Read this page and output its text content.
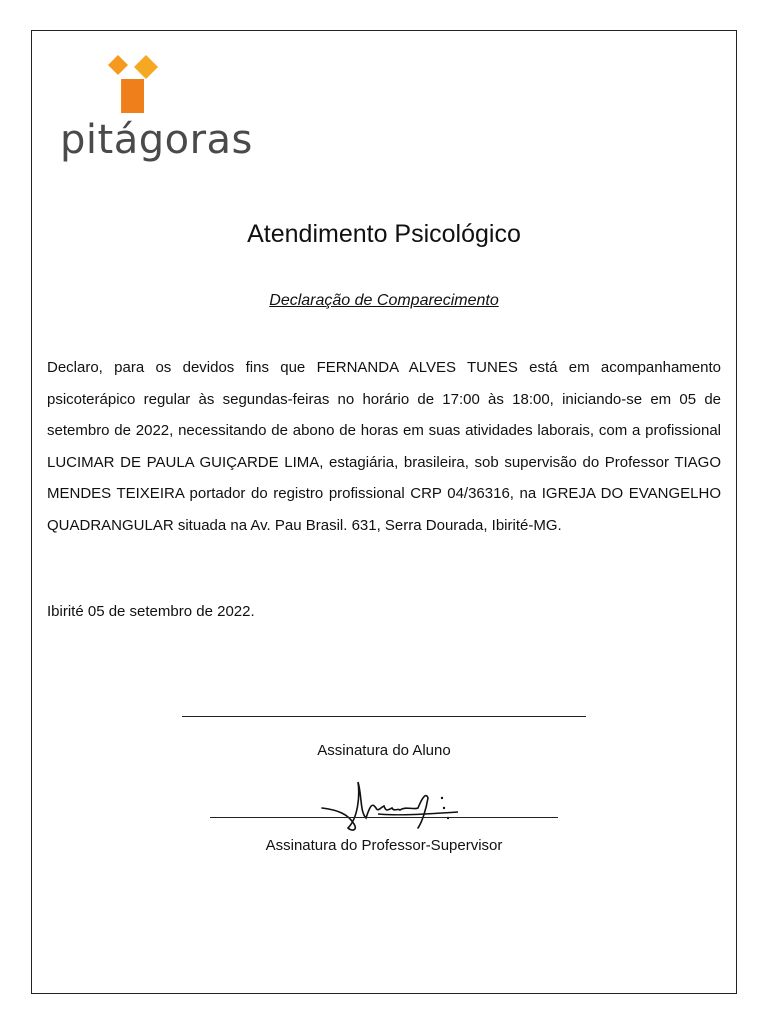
pitágoras
Atendimento Psicológico
Declaração de Comparecimento
Declaro, para os devidos fins que FERNANDA ALVES TUNES está em acompanhamento psicoterápico regular às segundas-feiras no horário de 17:00 às 18:00, iniciando-se em 05 de setembro de 2022, necessitando de abono de horas em suas atividades laborais, com a profissional LUCIMAR DE PAULA GUIÇARDE LIMA, estagiária, brasileira, sob supervisão do Professor TIAGO MENDES TEIXEIRA portador do registro profissional CRP 04/36316, na IGREJA DO EVANGELHO QUADRANGULAR situada na Av. Pau Brasil. 631, Serra Dourada, Ibirité-MG.
Ibirité 05 de setembro de 2022.
Assinatura do Aluno
Assinatura do Professor-Supervisor
